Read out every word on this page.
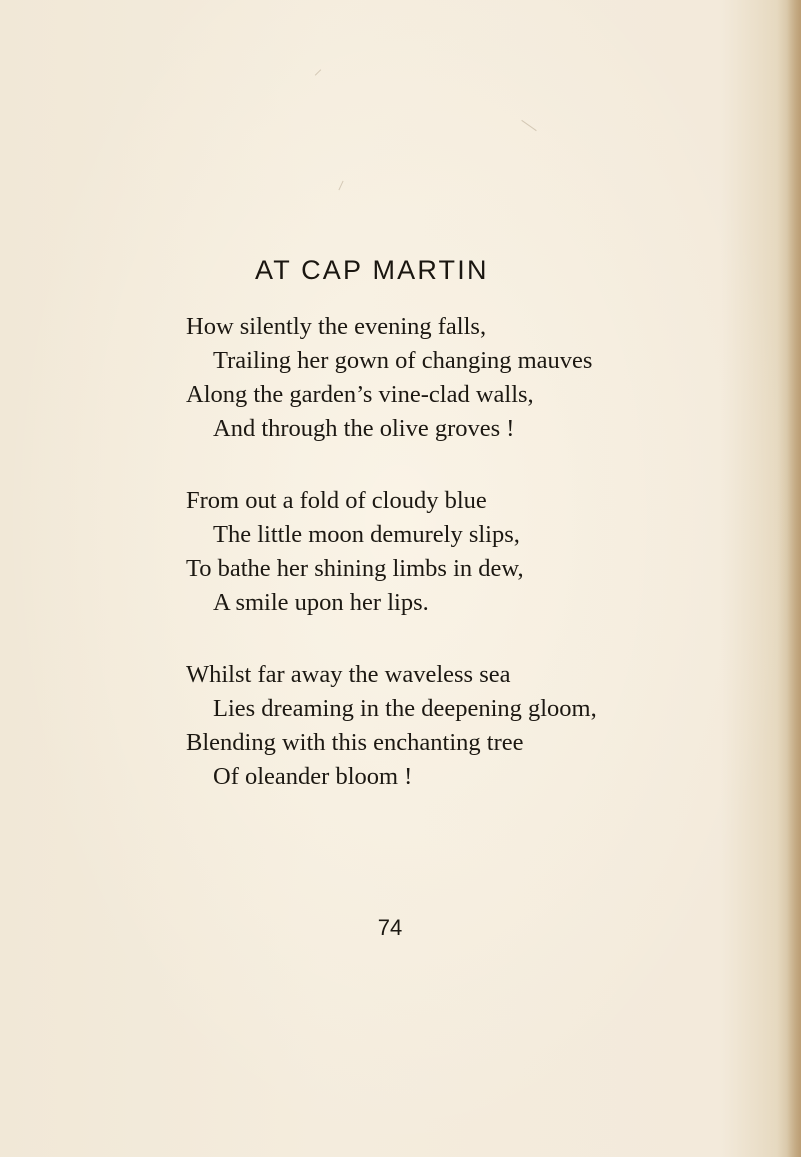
AT CAP MARTIN
How silently the evening falls,
Trailing her gown of changing mauves
Along the garden’s vine-clad walls,
And through the olive groves !
From out a fold of cloudy blue
The little moon demurely slips,
To bathe her shining limbs in dew,
A smile upon her lips.
Whilst far away the waveless sea
Lies dreaming in the deepening gloom,
Blending with this enchanting tree
Of oleander bloom !
74
